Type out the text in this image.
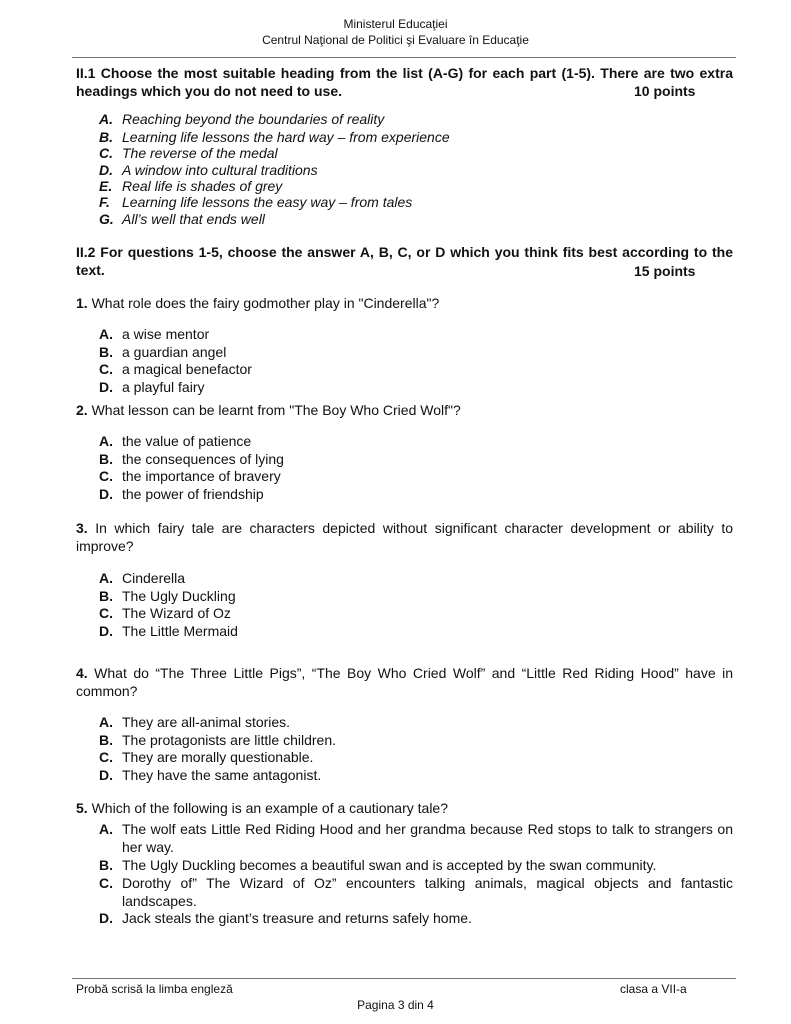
Ministerul Educaţiei
Centrul Naţional de Politici şi Evaluare în Educaţie
II.1 Choose the most suitable heading from the list (A-G) for each part (1-5). There are two extra headings which you do not need to use.	10 points
A. Reaching beyond the boundaries of reality
B. Learning life lessons the hard way – from experience
C. The reverse of the medal
D. A window into cultural traditions
E. Real life is shades of grey
F. Learning life lessons the easy way – from tales
G. All’s well that ends well
II.2 For questions 1-5, choose the answer A, B, C, or D which you think fits best according to the text.	15 points
1. What role does the fairy godmother play in "Cinderella"?
A. a wise mentor
B. a guardian angel
C. a magical benefactor
D. a playful fairy
2. What lesson can be learnt from "The Boy Who Cried Wolf"?
A. the value of patience
B. the consequences of lying
C. the importance of bravery
D. the power of friendship
3. In which fairy tale are characters depicted without significant character development or ability to improve?
A. Cinderella
B. The Ugly Duckling
C. The Wizard of Oz
D. The Little Mermaid
4. What do “The Three Little Pigs”, “The Boy Who Cried Wolf” and “Little Red Riding Hood” have in common?
A. They are all-animal stories.
B. The protagonists are little children.
C. They are morally questionable.
D. They have the same antagonist.
5. Which of the following is an example of a cautionary tale?
A. The wolf eats Little Red Riding Hood and her grandma because Red stops to talk to strangers on her way.
B. The Ugly Duckling becomes a beautiful swan and is accepted by the swan community.
C. Dorothy of” The Wizard of Oz” encounters talking animals, magical objects and fantastic landscapes.
D. Jack steals the giant’s treasure and returns safely home.
Probă scrisă la limba engleză	clasa a VII-a
Pagina 3 din 4
